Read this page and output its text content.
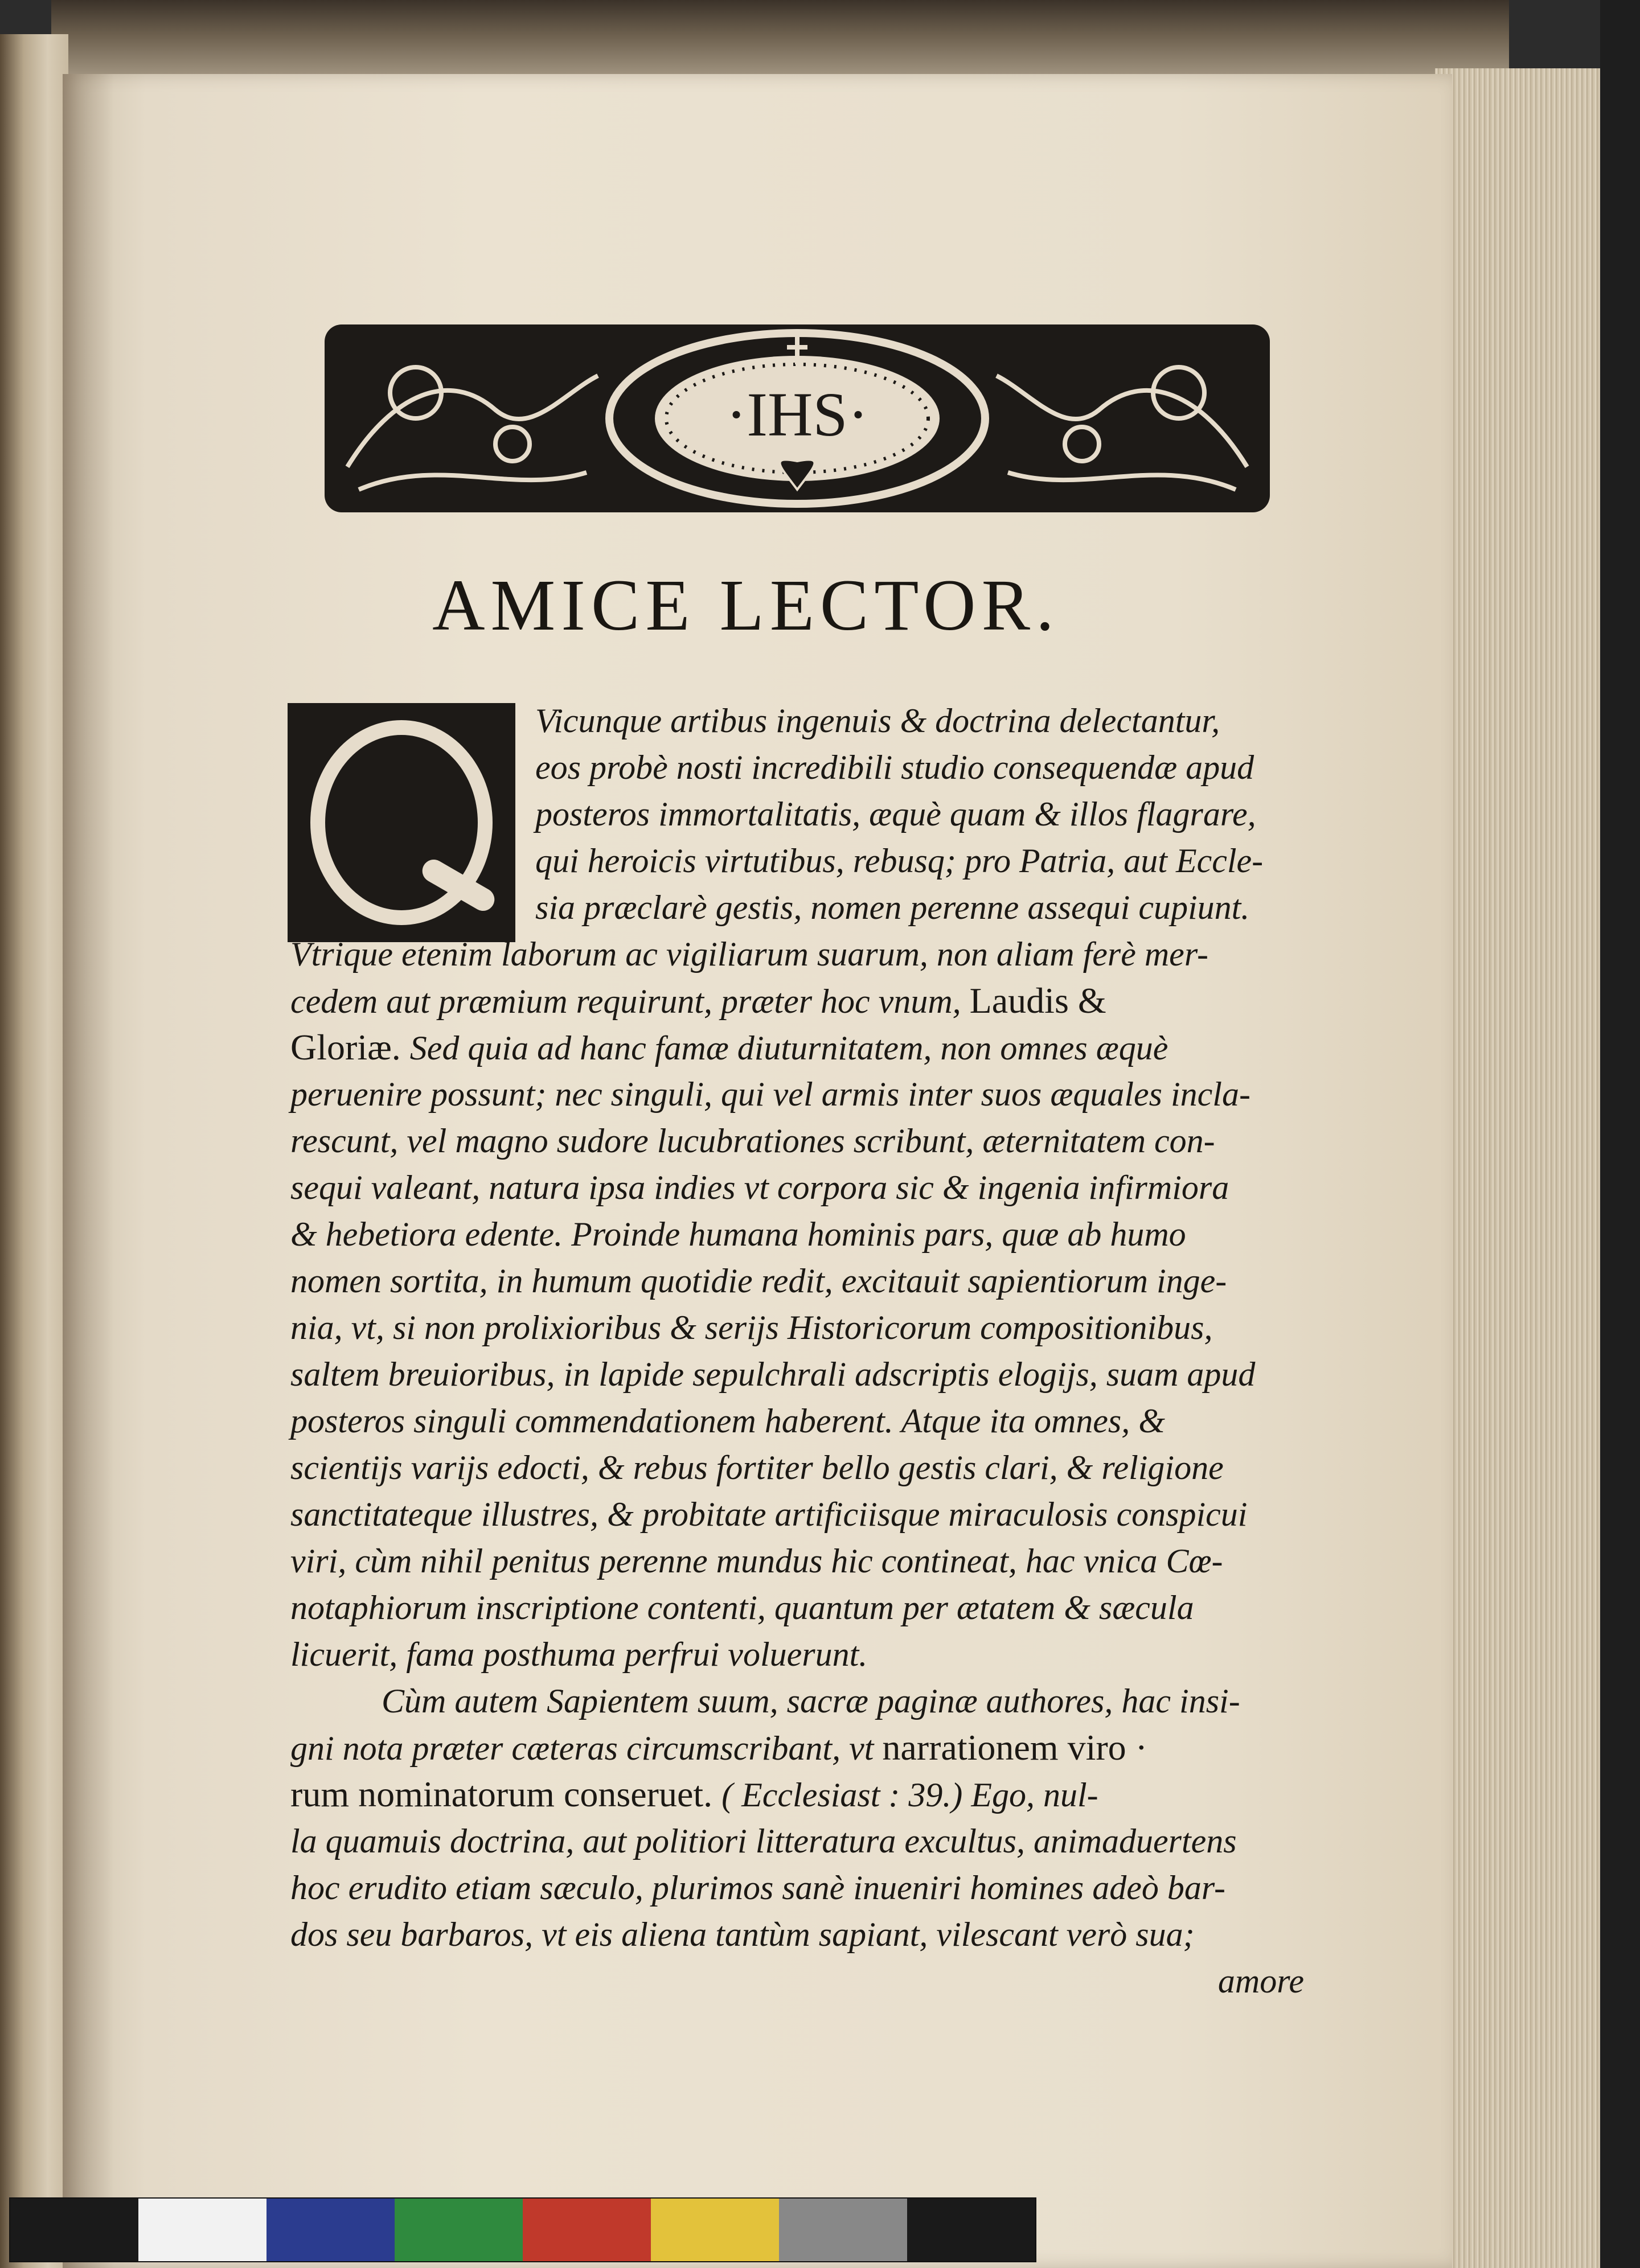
·IHS·
AMICE LECTOR.
Vicunque artibus ingenuis & doctrina delectantur,
eos probè nosti incredibili studio consequendæ apud
posteros immortalitatis, æquè quam & illos flagrare,
qui heroicis virtutibus, rebusq; pro Patria, aut Eccle-
sia præclarè gestis, nomen perenne assequi cupiunt.
Vtrique etenim laborum ac vigiliarum suarum, non aliam ferè mer-
cedem aut præmium requirunt, præter hoc vnum, Laudis &
Gloriæ. Sed quia ad hanc famæ diuturnitatem, non omnes æquè
peruenire possunt; nec singuli, qui vel armis inter suos æquales incla-
rescunt, vel magno sudore lucubrationes scribunt, æternitatem con-
sequi valeant, natura ipsa indies vt corpora sic & ingenia infirmiora
& hebetiora edente. Proinde humana hominis pars, quæ ab humo
nomen sortita, in humum quotidie redit, excitauit sapientiorum inge-
nia, vt, si non prolixioribus & serijs Historicorum compositionibus,
saltem breuioribus, in lapide sepulchrali adscriptis elogijs, suam apud
posteros singuli commendationem haberent. Atque ita omnes, &
scientijs varijs edocti, & rebus fortiter bello gestis clari, & religione
sanctitateque illustres, & probitate artificiisque miraculosis conspicui
viri, cùm nihil penitus perenne mundus hic contineat, hac vnica Cœ-
notaphiorum inscriptione contenti, quantum per ætatem & sæcula
licuerit, fama posthuma perfrui voluerunt.
Cùm autem Sapientem suum, sacræ paginæ authores, hac insi-
gni nota præter cæteras circumscribant, vt narrationem viro ·
rum nominatorum conseruet. ( Ecclesiast : 39.) Ego, nul-
la quamuis doctrina, aut politiori litteratura excultus, animaduertens
hoc erudito etiam sæculo, plurimos sanè inueniri homines adeò bar-
dos seu barbaros, vt eis aliena tantùm sapiant, vilescant verò sua;
amore
